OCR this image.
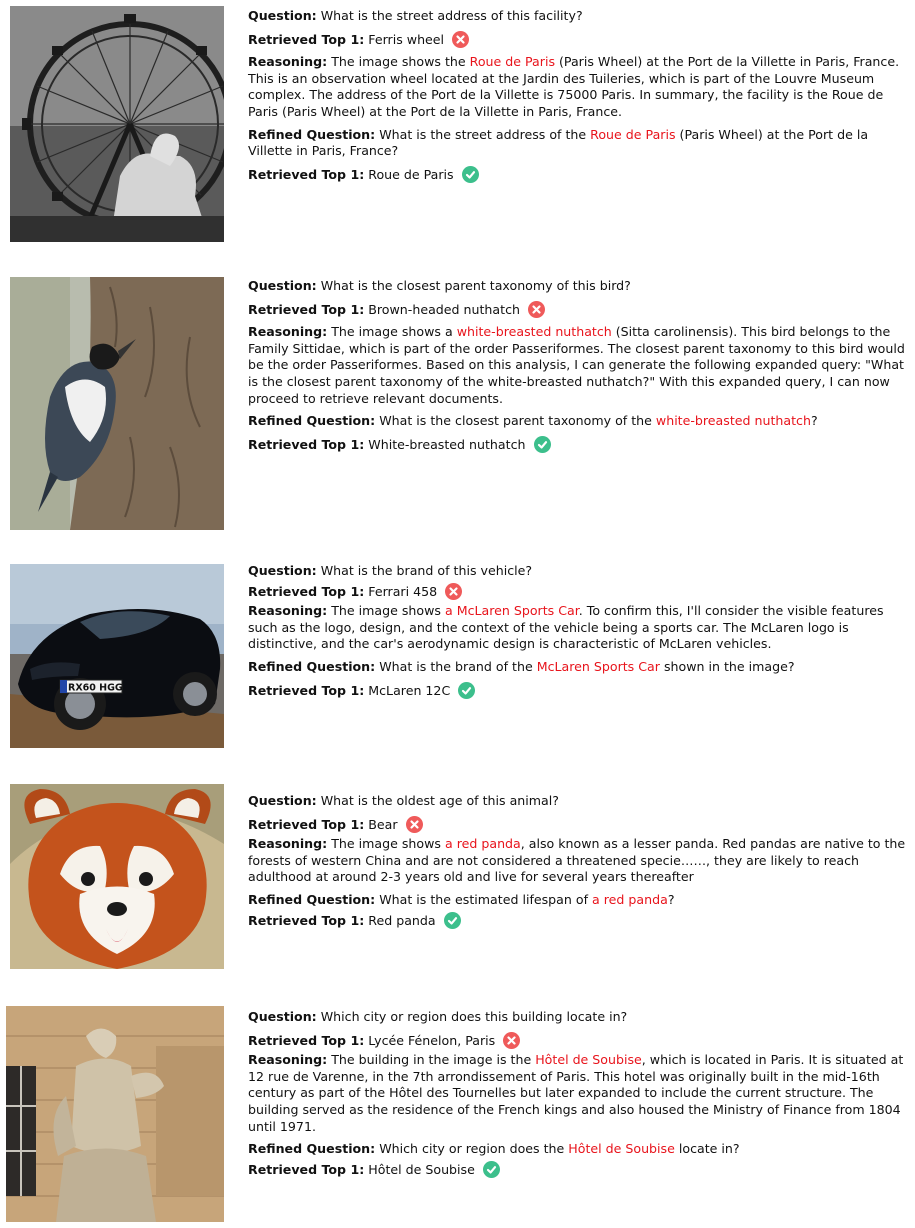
Question: What is the street address of this facility?
Retrieved Top 1: Ferris wheel
Reasoning: The image shows the Roue de Paris (Paris Wheel) at the Port de la Villette in Paris, France. This is an observation wheel located at the Jardin des Tuileries, which is part of the Louvre Museum complex. The address of the Port de la Villette is 75000 Paris. In summary, the facility is the Roue de Paris (Paris Wheel) at the Port de la Villette in Paris, France.
Refined Question: What is the street address of the Roue de Paris (Paris Wheel) at the Port de la Villette in Paris, France?
Retrieved Top 1: Roue de Paris
Question: What is the closest parent taxonomy of this bird?
Retrieved Top 1: Brown-headed nuthatch
Reasoning: The image shows a white-breasted nuthatch (Sitta carolinensis). This bird belongs to the Family Sittidae, which is part of the order Passeriformes. The closest parent taxonomy to this bird would be the order Passeriformes. Based on this analysis, I can generate the following expanded query: "What is the closest parent taxonomy of the white-breasted nuthatch?" With this expanded query, I can now proceed to retrieve relevant documents.
Refined Question: What is the closest parent taxonomy of the white-breasted nuthatch?
Retrieved Top 1: White-breasted nuthatch
RX60 HGG
Question: What is the brand of this vehicle?
Retrieved Top 1: Ferrari 458
Reasoning: The image shows a McLaren Sports Car. To confirm this, I'll consider the visible features such as the logo, design, and the context of the vehicle being a sports car. The McLaren logo is distinctive, and the car's aerodynamic design is characteristic of McLaren vehicles.
Refined Question: What is the brand of the McLaren Sports Car shown in the image?
Retrieved Top 1: McLaren 12C
Question: What is the oldest age of this animal?
Retrieved Top 1: Bear
Reasoning: The image shows a red panda, also known as a lesser panda. Red pandas are native to the forests of western China and are not considered a threatened specie……, they are likely to reach adulthood at around 2-3 years old and live for several years thereafter
Refined Question: What is the estimated lifespan of a red panda?
Retrieved Top 1: Red panda
Question: Which city or region does this building locate in?
Retrieved Top 1: Lycée Fénelon, Paris
Reasoning: The building in the image is the Hôtel de Soubise, which is located in Paris. It is situated at 12 rue de Varenne, in the 7th arrondissement of Paris. This hotel was originally built in the mid-16th century as part of the Hôtel des Tournelles but later expanded to include the current structure. The building served as the residence of the French kings and also housed the Ministry of Finance from 1804 until 1971.
Refined Question: Which city or region does the Hôtel de Soubise locate in?
Retrieved Top 1: Hôtel de Soubise
